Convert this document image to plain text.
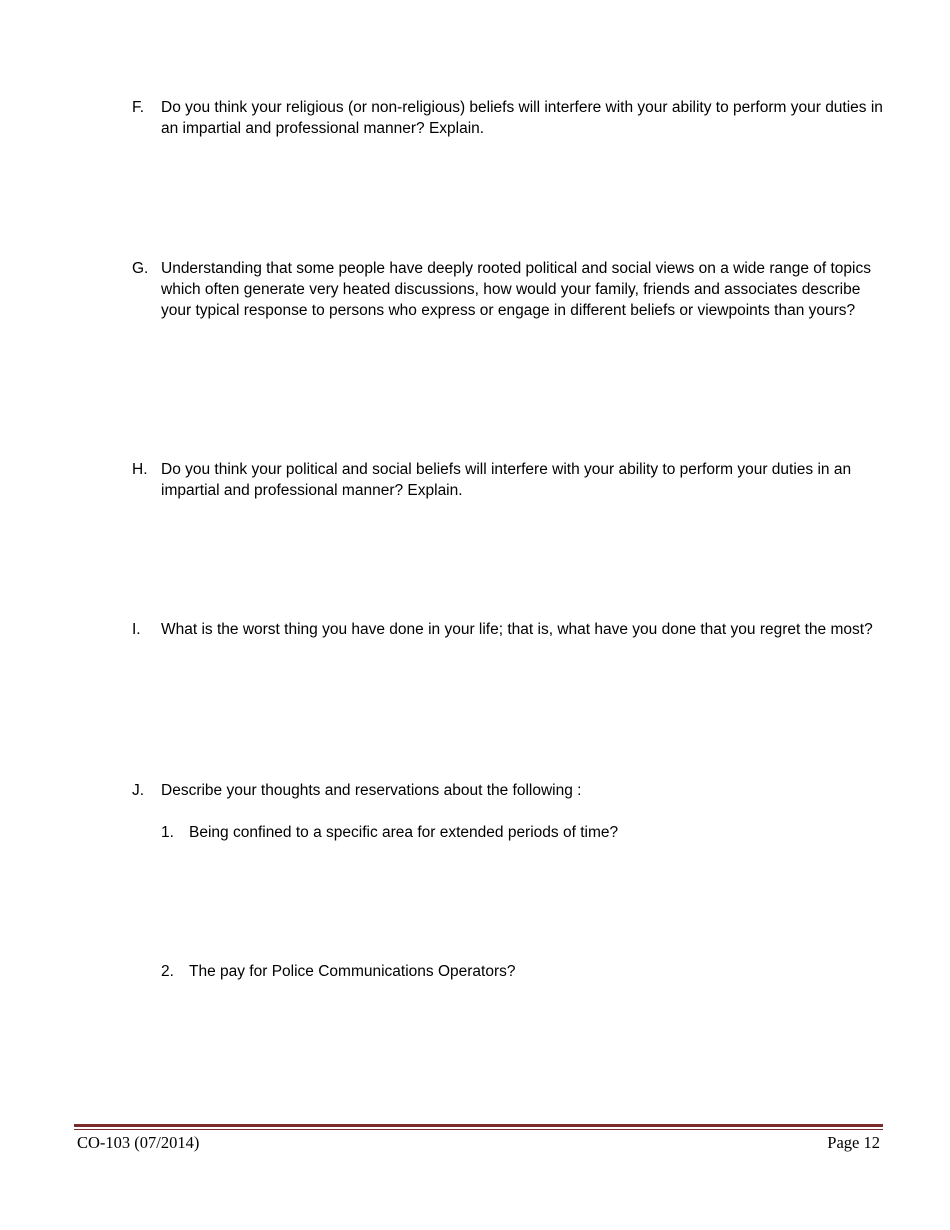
F.	Do you think your religious (or non-religious) beliefs will interfere with your ability to perform your duties in an impartial and professional manner? Explain.
G. Understanding that some people have deeply rooted political and social views on a wide range of topics which often generate very heated discussions, how would your family, friends and associates describe your typical response to persons who express or engage in different beliefs or viewpoints than yours?
H. Do you think your political and social beliefs will interfere with your ability to perform your duties in an impartial and professional manner? Explain.
I.	What is the worst thing you have done in your life; that is, what have you done that you regret the most?
J.	Describe your thoughts and reservations about the following :
1. Being confined to a specific area for extended periods of time?
2. The pay for Police Communications Operators?
CO-103 (07/2014)	Page 12
